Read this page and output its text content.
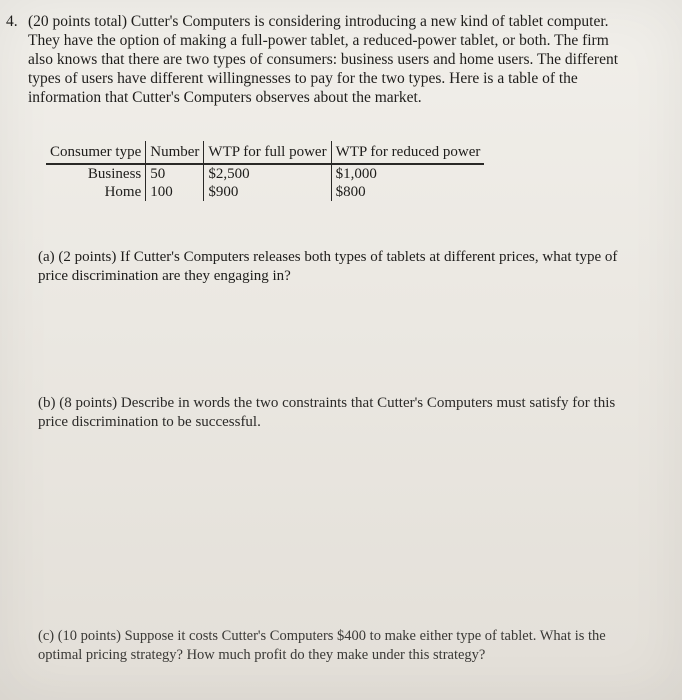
4. (20 points total) Cutter's Computers is considering introducing a new kind of tablet computer. They have the option of making a full-power tablet, a reduced-power tablet, or both. The firm also knows that there are two types of consumers: business users and home users. The different types of users have different willingnesses to pay for the two types. Here is a table of the information that Cutter's Computers observes about the market.
Consumer type	Number	WTP for full power	WTP for reduced power
Business	50	$2,500	$1,000
Home	100	$900	$800
(a) (2 points) If Cutter's Computers releases both types of tablets at different prices, what type of price discrimination are they engaging in?
(b) (8 points) Describe in words the two constraints that Cutter's Computers must satisfy for this price discrimination to be successful.
(c) (10 points) Suppose it costs Cutter's Computers $400 to make either type of tablet. What is the optimal pricing strategy? How much profit do they make under this strategy?
